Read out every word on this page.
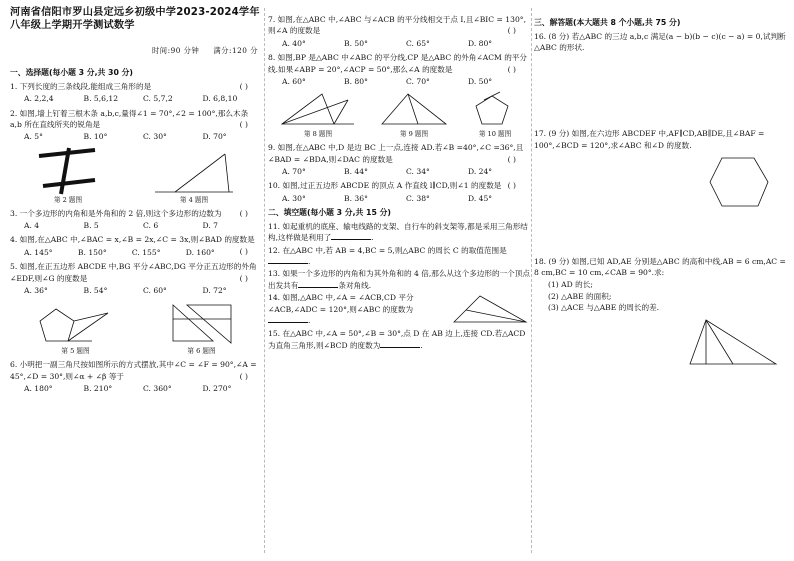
河南省信阳市罗山县定远乡初级中学2023-2024学年八年级上学期开学测试数学
时间:90 分钟 满分:120 分
一、选择题(每小题 3 分,共 30 分)
1. 下列长度的三条线段,能组成三角形的是	( )
A. 2,2,4	B. 5,6,12	C. 5,7,2	D. 6,8,10
2. 如图,墙上钉着三根木条 a,b,c,量得∠1 = 70°,∠2 = 100°,那么木条 a,b 所在直线所夹的锐角是	( )
A. 5°	B. 10°	C. 30°	D. 70°
第 2 题图	第 4 题图
3. 一个多边形的内角和是外角和的 2 倍,则这个多边形的边数为 ( )
A. 4	B. 5	C. 6	D. 7
4. 如图,在△ABC 中,∠BAC = x,∠B = 2x,∠C = 3x,则∠BAD 的度数是
( )
A. 145°	B. 150°	C. 155°	D. 160°
5. 如图,在正五边形 ABCDE 中,BG 平分∠ABC,DG 平分正五边形的外角∠EDF,则∠G 的度数是	( )
A. 36°	B. 54°	C. 60°	D. 72°
第 5 题图	第 6 题图
6. 小明把一副三角尺按如图所示的方式摆放,其中∠C = ∠F = 90°,∠A = 45°,∠D = 30°,则∠α + ∠β 等于	( )
A. 180°	B. 210°	C. 360°	D. 270°
7. 如图,在△ABC 中,∠ABC 与∠ACB 的平分线相交于点 I,且∠BIC = 130°,则∠A 的度数是	( )
A. 40°	B. 50°	C. 65°	D. 80°
8. 如图,BP 是△ABC 中∠ABC 的平分线,CP 是△ABC 的外角∠ACM 的平分线.如果∠ABP = 20°,∠ACP = 50°,那么∠A 的度数是	( )
A. 60°	B. 80°	C. 70°	D. 50°
第 8 题图	第 9 题图	第 10 题图
9. 如图,在△ABC 中,D 是边 BC 上一点,连接 AD.若∠B =40°,∠C =36°,且∠BAD = ∠BDA,则∠DAC 的度数是	( )
A. 70°	B. 44°	C. 34°	D. 24°
10. 如图,过正五边形 ABCDE 的顶点 A 作直线 l∥CD,则∠1 的度数是 ( )
A. 30°	B. 36°	C. 38°	D. 45°
二、填空题(每小题 3 分,共 15 分)
11. 如起重机的底座、输电线路的支架、自行车的斜支架等,都是采用三角形结构,这样做是利用了	.
12. 在△ABC 中,若 AB = 4,BC = 5,则△ABC 的周长 C 的取值范围是.
13. 如果一个多边形的内角和为其外角和的 4 倍,那么从这个多边形的一个顶点出发共有	条对角线.
14. 如图,△ABC 中,∠A = ∠ACB,CD 平分∠ACB,∠ADC = 120°,则∠ABC 的度数为.
15. 在△ABC 中,∠A = 50°,∠B = 30°,点 D 在 AB 边上,连接 CD.若△ACD 为直角三角形,则∠BCD 的度数为	.
三、解答题(本大题共 8 个小题,共 75 分)
16. (8 分) 若△ABC 的三边 a,b,c 满足(a − b)(b − c)(c − a) = 0,试判断△ABC 的形状.
17. (9 分) 如图,在六边形 ABCDEF 中,AF∥CD,AB∥DE,且∠BAF = 100°,∠BCD = 120°,求∠ABC 和∠D 的度数.
18. (9 分) 如图,已知 AD,AE 分别是△ABC 的高和中线,AB = 6 cm,AC = 8 cm,BC = 10 cm,∠CAB = 90°.求:
(1) AD 的长;
(2) △ABE 的面积;
(3) △ACE 与△ABE 的周长的差.
